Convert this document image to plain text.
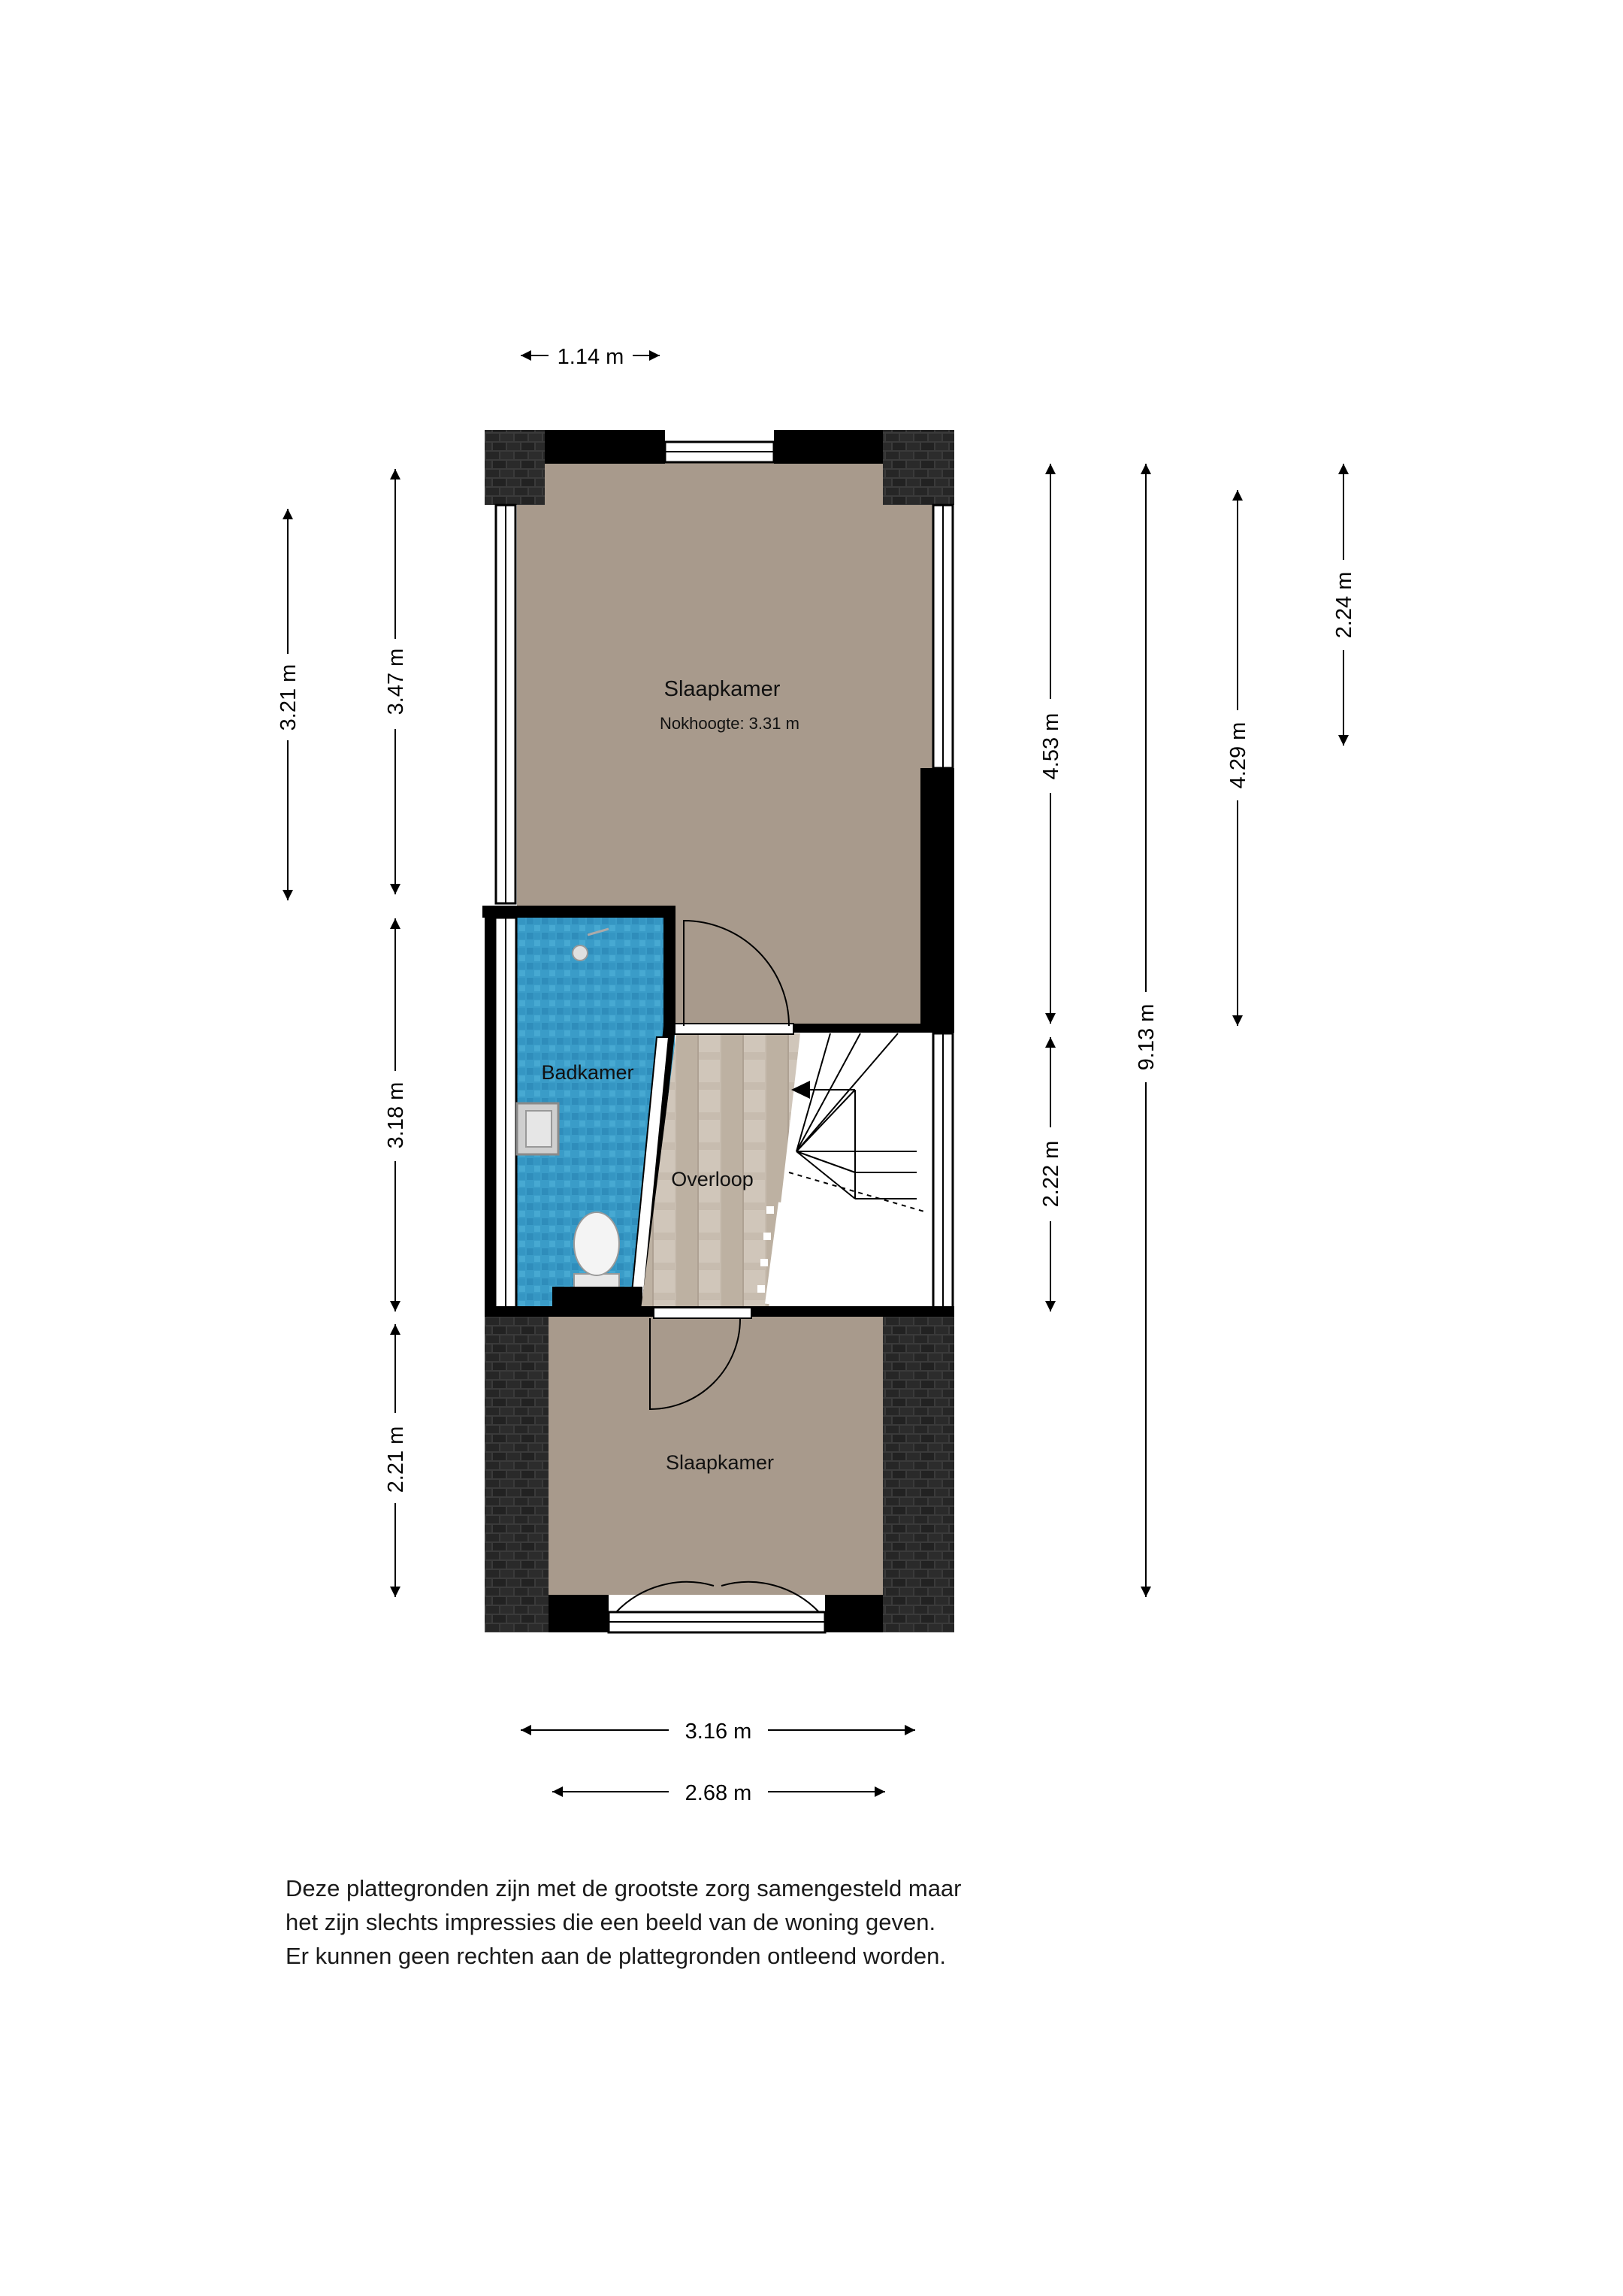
Slaapkamer
Nokhoogte: 3.31 m
Badkamer
Overloop
Slaapkamer
1.14 m
3.21 m	3.47 m
3.18 m
2.21 m
4.53 m
2.22 m
9.13 m
4.29 m
2.24 m
3.16 m
2.68 m
Deze plattegronden zijn met de grootste zorg samengesteld maar
het zijn slechts impressies die een beeld van de woning geven.
Er kunnen geen rechten aan de plattegronden ontleend worden.
